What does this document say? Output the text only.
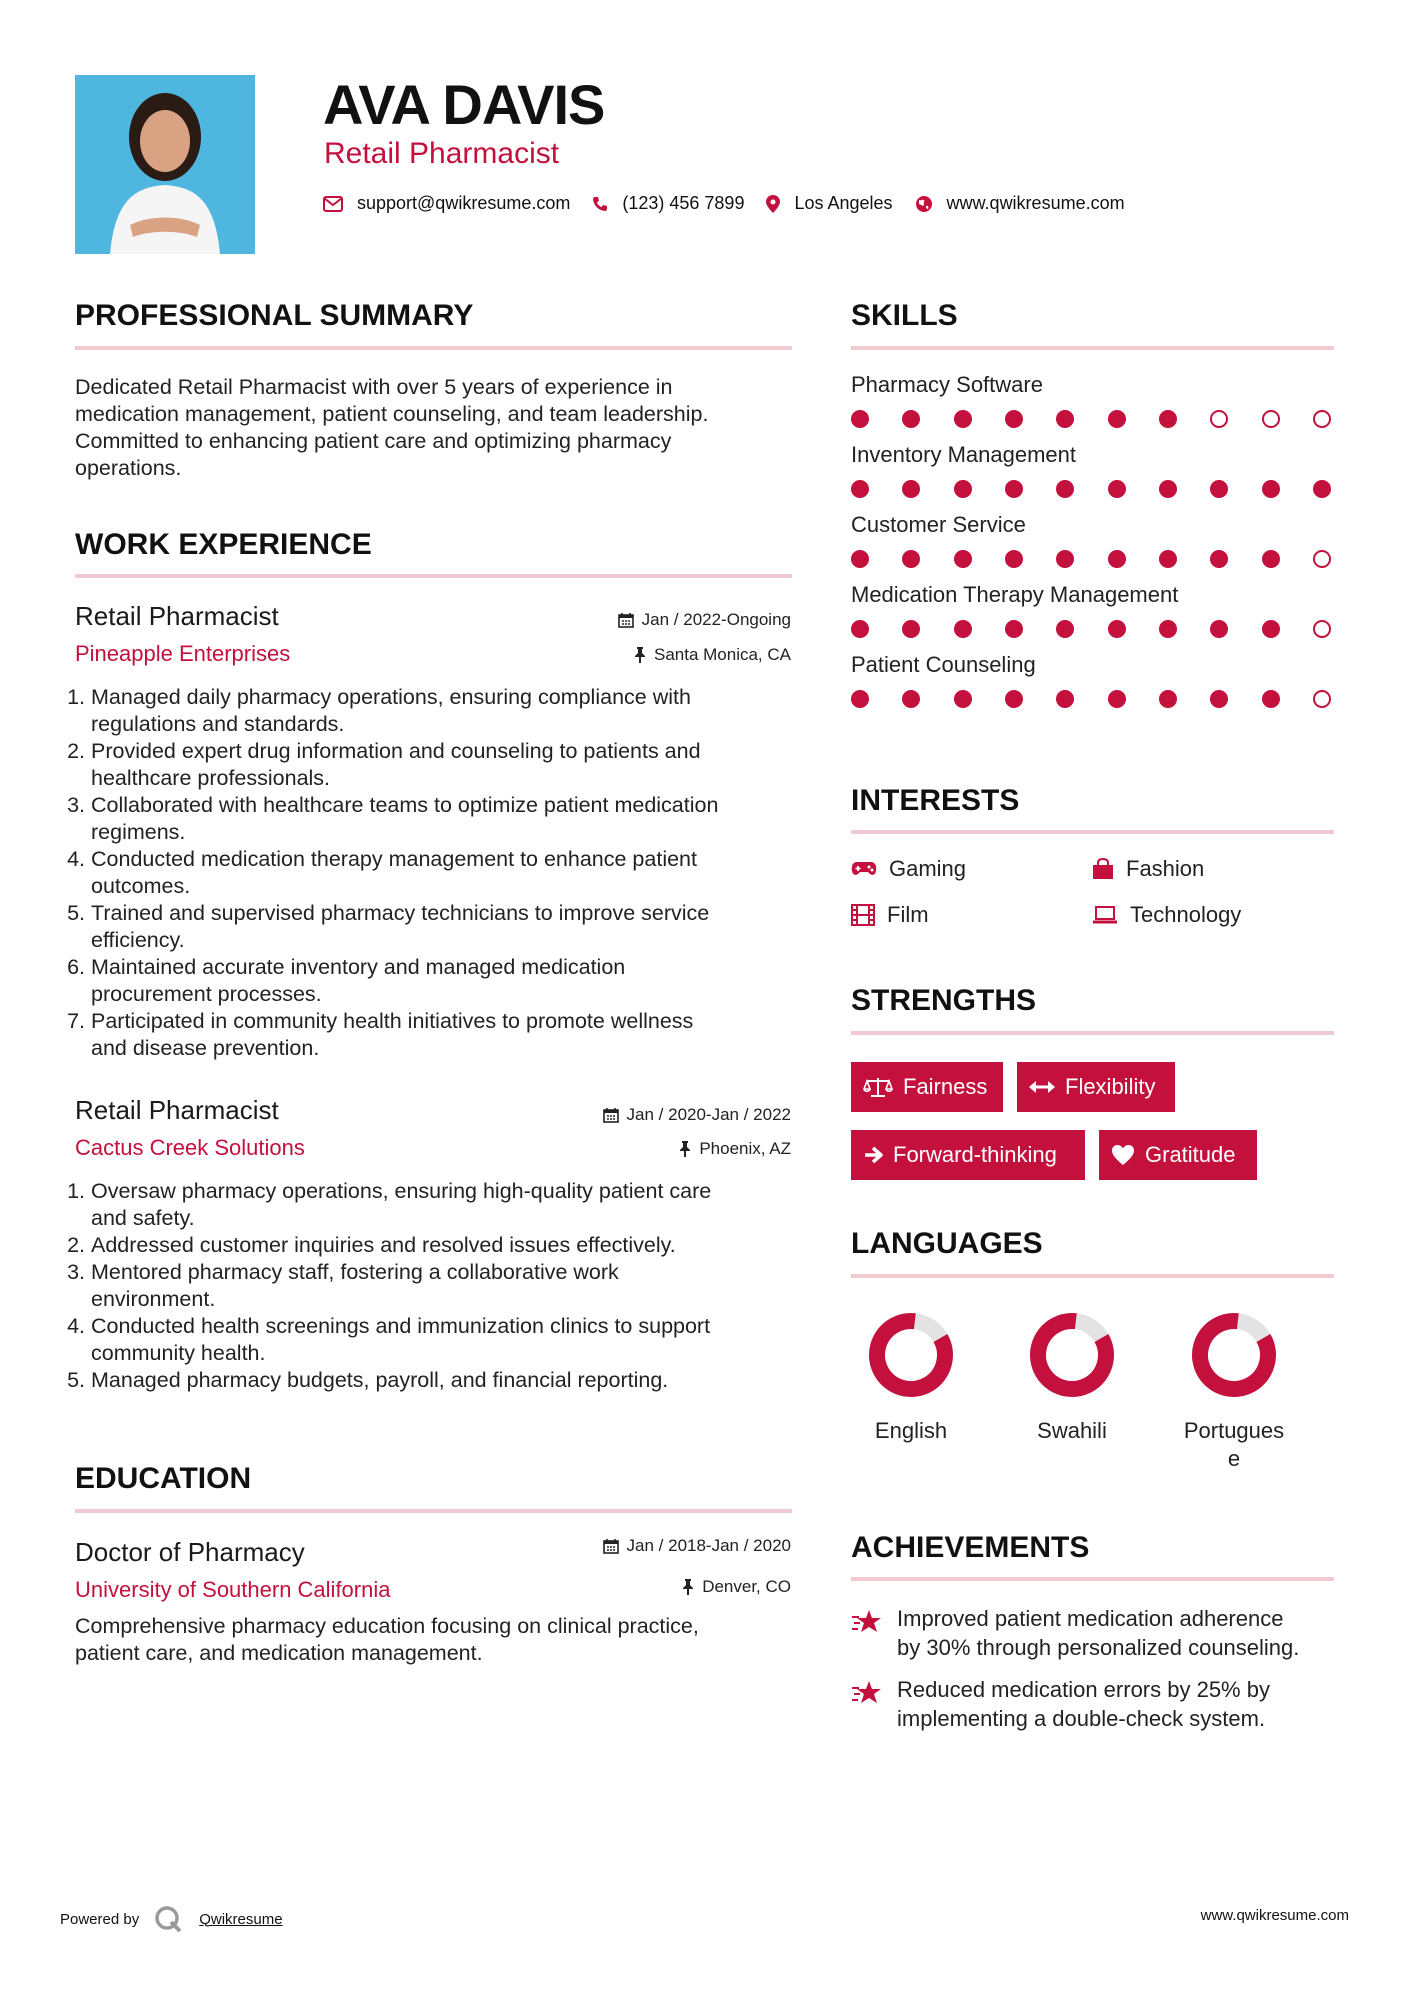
AVA DAVIS
Retail Pharmacist
support@qwikresume.com	(123) 456 7899	Los Angeles	www.qwikresume.com
PROFESSIONAL SUMMARY
Dedicated Retail Pharmacist with over 5 years of experience in
medication management, patient counseling, and team leadership.
Committed to enhancing patient care and optimizing pharmacy
operations.
WORK EXPERIENCE
Retail Pharmacist
Pineapple Enterprises
Jan / 2022-Ongoing
Santa Monica, CA
1. Managed daily pharmacy operations, ensuring compliance with
regulations and standards.
2. Provided expert drug information and counseling to patients and
healthcare professionals.
3. Collaborated with healthcare teams to optimize patient medication
regimens.
4. Conducted medication therapy management to enhance patient
outcomes.
5. Trained and supervised pharmacy technicians to improve service
efficiency.
6. Maintained accurate inventory and managed medication
procurement processes.
7. Participated in community health initiatives to promote wellness
and disease prevention.
Retail Pharmacist
Cactus Creek Solutions
Jan / 2020-Jan / 2022
Phoenix, AZ
1. Oversaw pharmacy operations, ensuring high-quality patient care
and safety.
2. Addressed customer inquiries and resolved issues effectively.
3. Mentored pharmacy staff, fostering a collaborative work
environment.
4. Conducted health screenings and immunization clinics to support
community health.
5. Managed pharmacy budgets, payroll, and financial reporting.
EDUCATION
Doctor of Pharmacy
University of Southern California
Jan / 2018-Jan / 2020
Denver, CO
Comprehensive pharmacy education focusing on clinical practice,
patient care, and medication management.
SKILLS
Pharmacy Software
Inventory Management
Customer Service
Medication Therapy Management
Patient Counseling
INTERESTS
Gaming	Fashion
Film	Technology
STRENGTHS
Fairness	Flexibility
Forward-thinking	Gratitude
LANGUAGES
English	Swahili	Portugues
e
ACHIEVEMENTS
Improved patient medication adherence
by 30% through personalized counseling.
Reduced medication errors by 25% by
implementing a double-check system.
Powered by	Qwikresume	www.qwikresume.com
